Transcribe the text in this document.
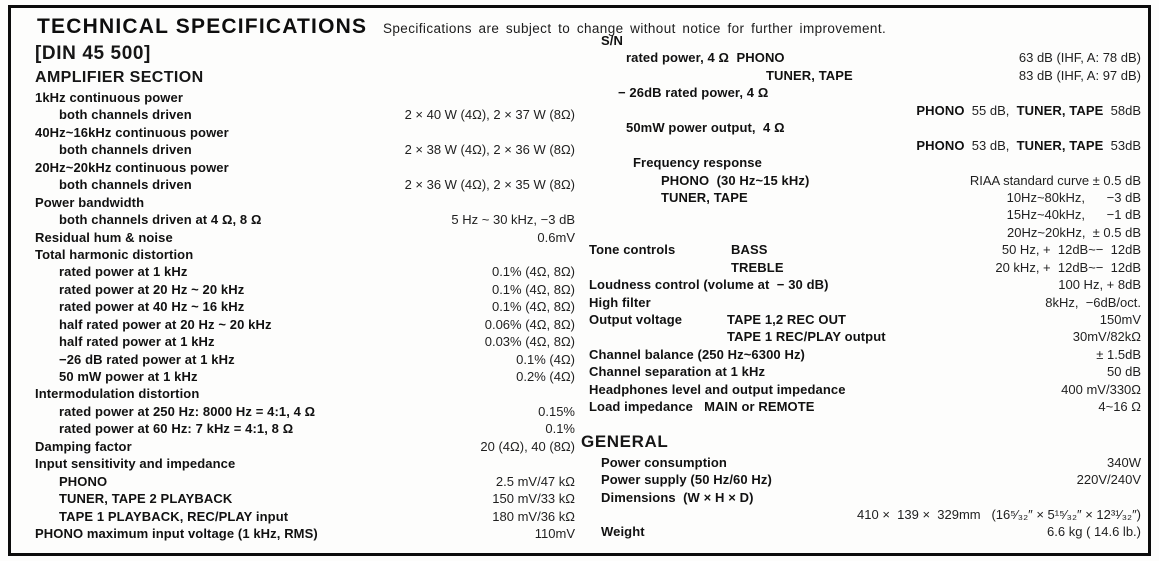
TECHNICAL SPECIFICATIONS Specifications are subject to change without notice for further improvement.
[DIN 45 500]
AMPLIFIER SECTION
1kHz continuous power
both channels driven	2 × 40 W (4Ω), 2 × 37 W (8Ω)
40Hz~16kHz continuous power
both channels driven	2 × 38 W (4Ω), 2 × 36 W (8Ω)
20Hz~20kHz continuous power
both channels driven	2 × 36 W (4Ω), 2 × 35 W (8Ω)
Power bandwidth
both channels driven at 4 Ω, 8 Ω	5 Hz ~ 30 kHz, −3 dB
Residual hum & noise	0.6mV
Total harmonic distortion
rated power at 1 kHz	0.1% (4Ω, 8Ω)
rated power at 20 Hz ~ 20 kHz	0.1% (4Ω, 8Ω)
rated power at 40 Hz ~ 16 kHz	0.1% (4Ω, 8Ω)
half rated power at 20 Hz ~ 20 kHz	0.06% (4Ω, 8Ω)
half rated power at 1 kHz	0.03% (4Ω, 8Ω)
−26 dB rated power at 1 kHz	0.1% (4Ω)
50 mW power at 1 kHz	0.2% (4Ω)
Intermodulation distortion
rated power at 250 Hz: 8000 Hz = 4:1, 4 Ω	0.15%
rated power at 60 Hz: 7 kHz = 4:1, 8 Ω	0.1%
Damping factor	20 (4Ω), 40 (8Ω)
Input sensitivity and impedance
PHONO	2.5 mV/47 kΩ
TUNER, TAPE 2 PLAYBACK	150 mV/33 kΩ
TAPE 1 PLAYBACK, REC/PLAY input	180 mV/36 kΩ
PHONO maximum input voltage (1 kHz, RMS)	110mV
S/N
rated power, 4 Ω  PHONO	63 dB (IHF, A: 78 dB)
TUNER, TAPE	83 dB (IHF, A: 97 dB)
− 26dB rated power, 4 Ω
PHONO  55 dB,  TUNER, TAPE  58dB
50mW power output,  4 Ω
PHONO  53 dB,  TUNER, TAPE  53dB
Frequency response
PHONO  (30 Hz~15 kHz)	RIAA standard curve ± 0.5 dB
TUNER, TAPE	10Hz~80kHz,      −3 dB
15Hz~40kHz,      −1 dB
20Hz~20kHz,  ± 0.5 dB
Tone controls	BASS	50 Hz, +  12dB~−  12dB
TREBLE	20 kHz, +  12dB~−  12dB
Loudness control (volume at  − 30 dB)	100 Hz, + 8dB
High filter	8kHz,  −6dB/oct.
Output voltage	TAPE 1,2 REC OUT	150mV
TAPE 1 REC/PLAY output	30mV/82kΩ
Channel balance (250 Hz~6300 Hz)	± 1.5dB
Channel separation at 1 kHz	50 dB
Headphones level and output impedance	400 mV/330Ω
Load impedance   MAIN or REMOTE	4~16 Ω
GENERAL
Power consumption	340W
Power supply (50 Hz/60 Hz)	220V/240V
Dimensions  (W × H × D)
410 ×  139 ×  329mm   (16⁵⁄₃₂″ × 5¹⁵⁄₃₂″ × 12³¹⁄₃₂″)
Weight	6.6 kg ( 14.6 lb.)
